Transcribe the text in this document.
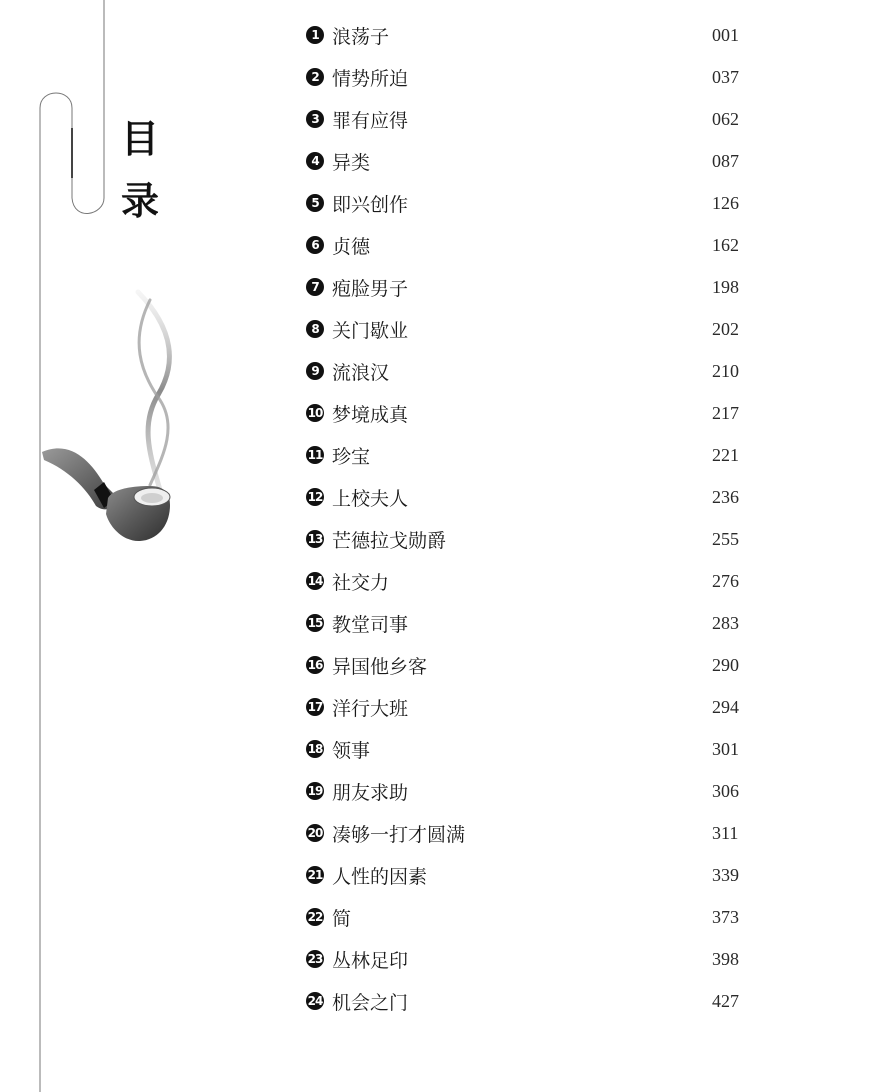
目
录
1 浪荡子	001
2 情势所迫	037
3 罪有应得	062
4 异类	087
5 即兴创作	126
6 贞德	162
7 疱脸男子	198
8 关门歇业	202
9 流浪汉	210
10 梦境成真	217
11 珍宝	221
12 上校夫人	236
13 芒德拉戈勋爵	255
14 社交力	276
15 教堂司事	283
16 异国他乡客	290
17 洋行大班	294
18 领事	301
19 朋友求助	306
20 凑够一打才圆满	311
21 人性的因素	339
22 简	373
23 丛林足印	398
24 机会之门	427
